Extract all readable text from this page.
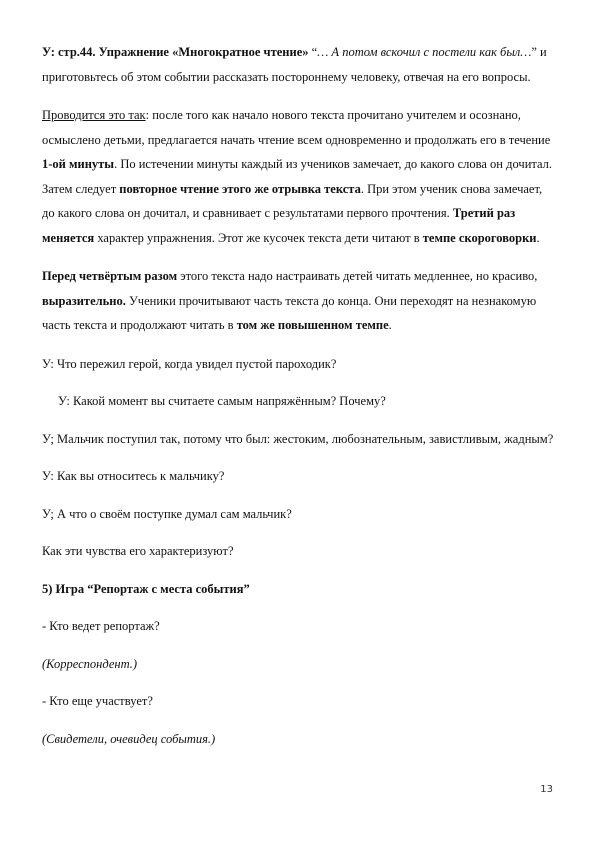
У: стр.44. Упражнение «Многократное чтение» “… А потом вскочил с постели как был…” и приготовьтесь об этом событии рассказать постороннему человеку, отвечая на его вопросы.

Проводится это так: после того как начало нового текста прочитано учителем и осознано, осмыслено детьми, предлагается начать чтение всем одновременно и продолжать его в течение 1-ой минуты. По истечении минуты каждый из учеников замечает, до какого слова он дочитал. Затем следует повторное чтение этого же отрывка текста. При этом ученик снова замечает, до какого слова он дочитал, и сравнивает с результатами первого прочтения. Третий раз меняется характер упражнения. Этот же кусочек текста дети читают в темпе скороговорки.

Перед четвёртым разом этого текста надо настраивать детей читать медленнее, но красиво, выразительно. Ученики прочитывают часть текста до конца. Они переходят на незнакомую часть текста и продолжают читать в том же повышенном темпе.

У: Что пережил герой, когда увидел пустой пароходик?

У: Какой момент вы считаете самым напряжённым? Почему?

У; Мальчик поступил так, потому что был: жестоким, любознательным, завистливым, жадным?

У: Как вы относитесь к мальчику?

У; А что о своём поступке думал сам мальчик?

Как эти чувства его характеризуют?

5) Игра “Репортаж с места события”

- Кто ведет репортаж?

(Корреспондент.)

- Кто еще участвует?

(Свидетели, очевидец события.)

13
